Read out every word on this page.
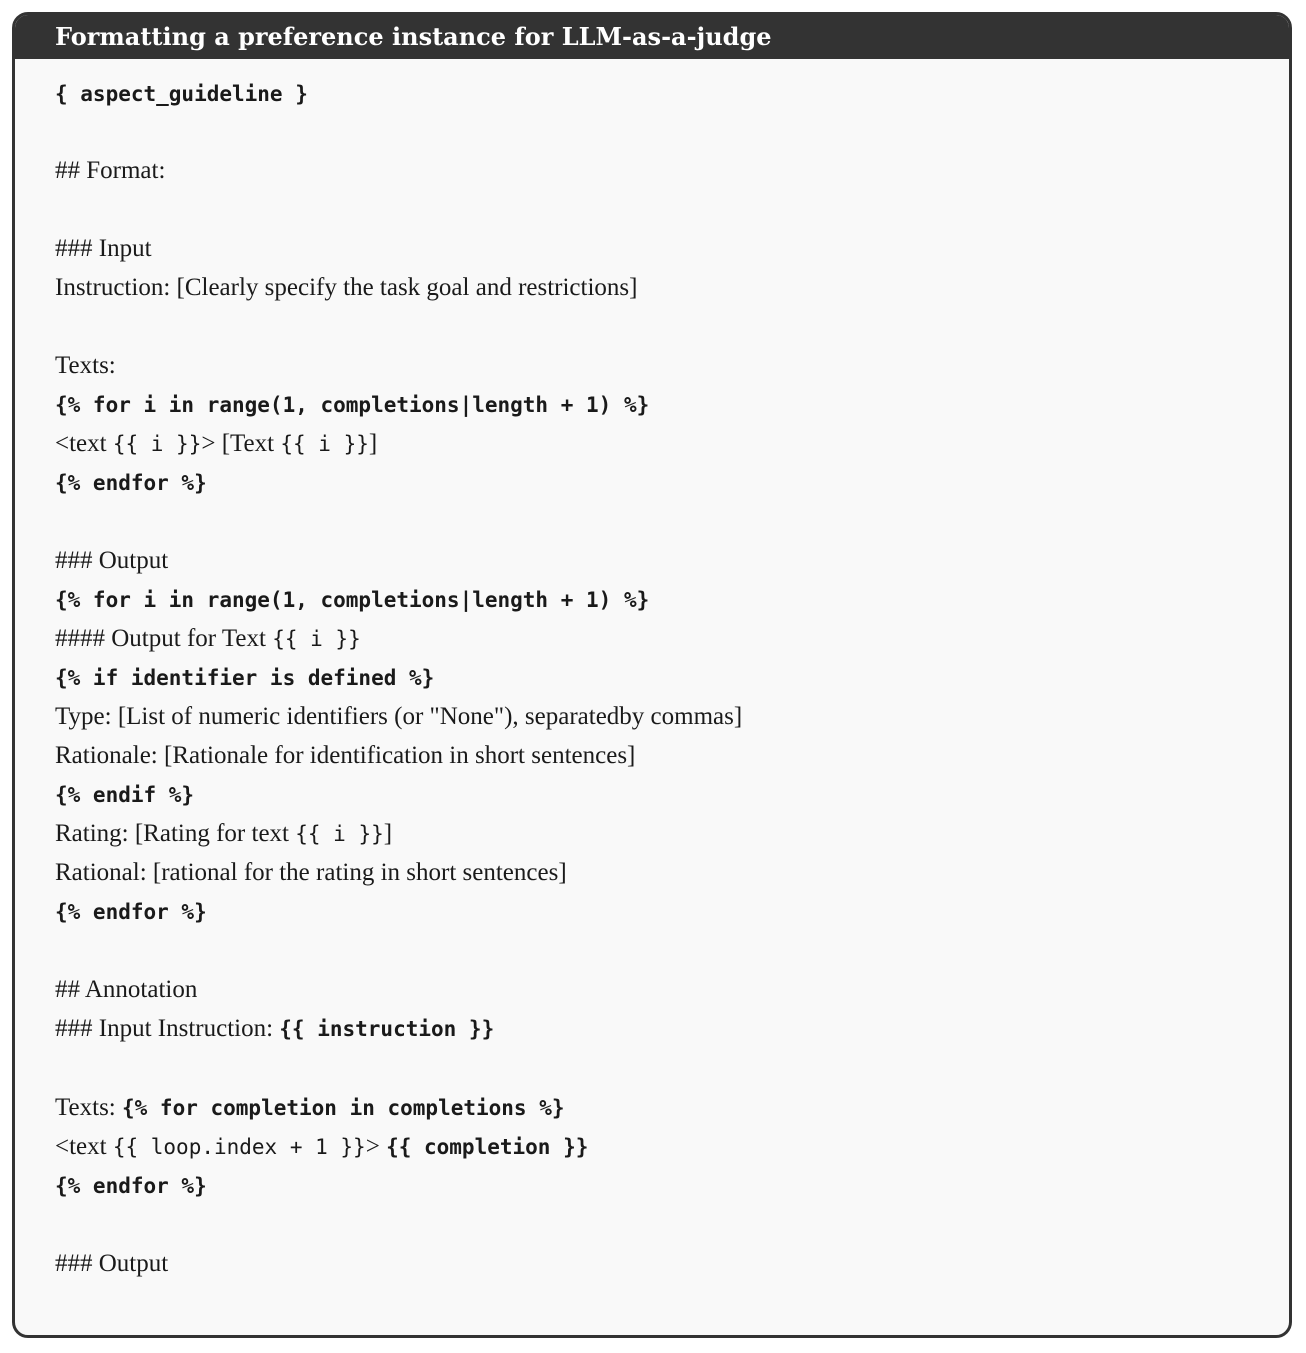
Formatting a preference instance for LLM-as-a-judge
{ aspect_guideline }
## Format:
### Input
Instruction: [Clearly specify the task goal and restrictions]
Texts:
{% for i in range(1, completions|length + 1) %}
<text {{ i }}> [Text {{ i }}]
{% endfor %}
### Output
{% for i in range(1, completions|length + 1) %}
#### Output for Text {{ i }}
{% if identifier is defined %}
Type: [List of numeric identifiers (or "None"), separatedby commas]
Rationale: [Rationale for identification in short sentences]
{% endif %}
Rating: [Rating for text {{ i }}]
Rational: [rational for the rating in short sentences]
{% endfor %}
## Annotation
### Input Instruction: {{ instruction }}
Texts: {% for completion in completions %}
<text {{ loop.index + 1 }}> {{ completion }}
{% endfor %}
### Output
